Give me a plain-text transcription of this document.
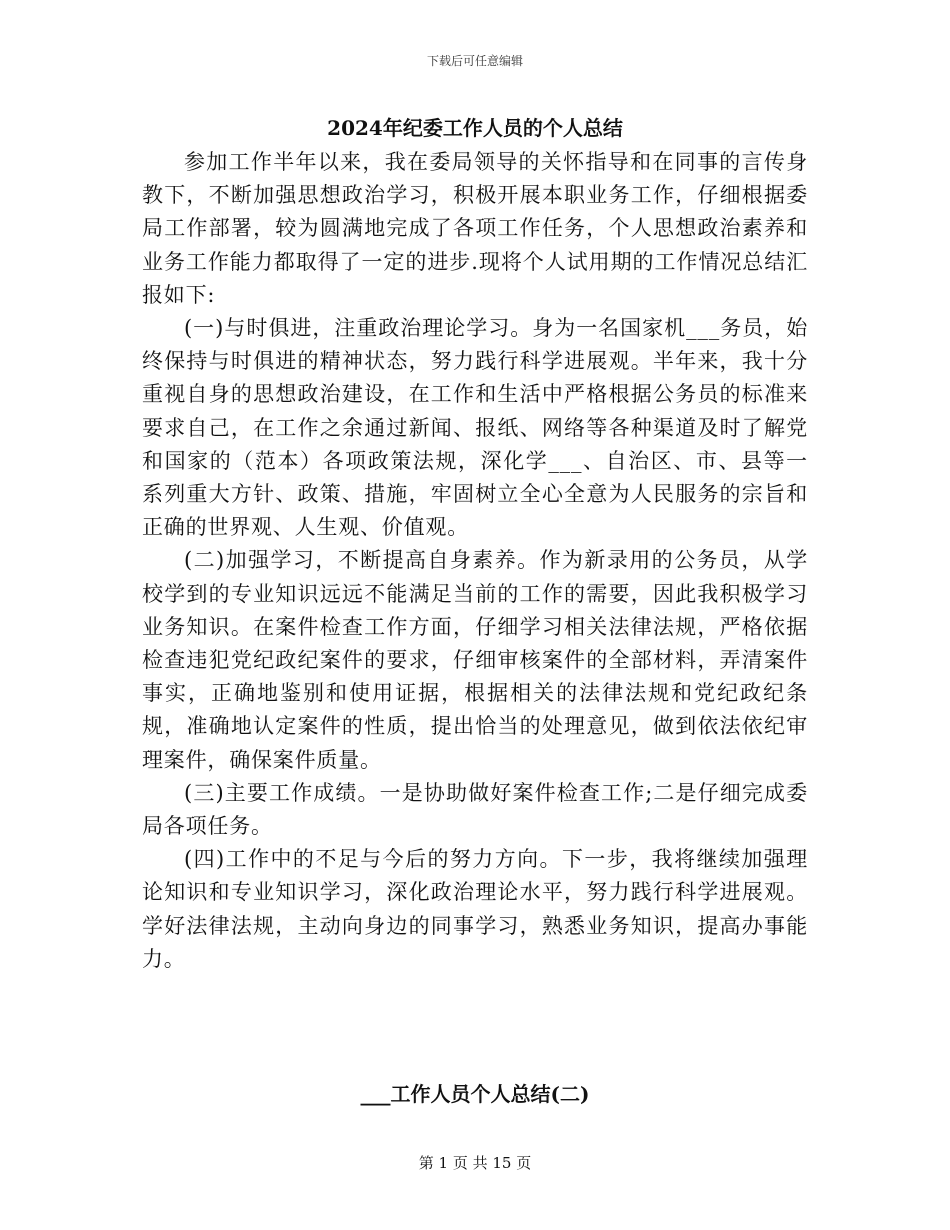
下载后可任意编辑
2024年纪委工作人员的个人总结

参加工作半年以来，我在委局领导的关怀指导和在同事的言传身教下，不断加强思想政治学习，积极开展本职业务工作，仔细根据委局工作部署，较为圆满地完成了各项工作任务，个人思想政治素养和业务工作能力都取得了一定的进步.现将个人试用期的工作情况总结汇报如下:

(一)与时俱进，注重政治理论学习。身为一名国家机___务员，始终保持与时俱进的精神状态，努力践行科学进展观。半年来，我十分重视自身的思想政治建设，在工作和生活中严格根据公务员的标准来要求自己，在工作之余通过新闻、报纸、网络等各种渠道及时了解党和国家的（范本）各项政策法规，深化学___、自治区、市、县等一系列重大方针、政策、措施，牢固树立全心全意为人民服务的宗旨和正确的世界观、人生观、价值观。

(二)加强学习，不断提高自身素养。作为新录用的公务员，从学校学到的专业知识远远不能满足当前的工作的需要，因此我积极学习业务知识。在案件检查工作方面，仔细学习相关法律法规，严格依据检查违犯党纪政纪案件的要求，仔细审核案件的全部材料，弄清案件事实，正确地鉴别和使用证据，根据相关的法律法规和党纪政纪条规，准确地认定案件的性质，提出恰当的处理意见，做到依法依纪审理案件，确保案件质量。

(三)主要工作成绩。一是协助做好案件检查工作;二是仔细完成委局各项任务。

(四)工作中的不足与今后的努力方向。下一步，我将继续加强理论知识和专业知识学习，深化政治理论水平，努力践行科学进展观。学好法律法规，主动向身边的同事学习，熟悉业务知识，提高办事能力。

___工作人员个人总结(二)
第 1 页 共 15 页
